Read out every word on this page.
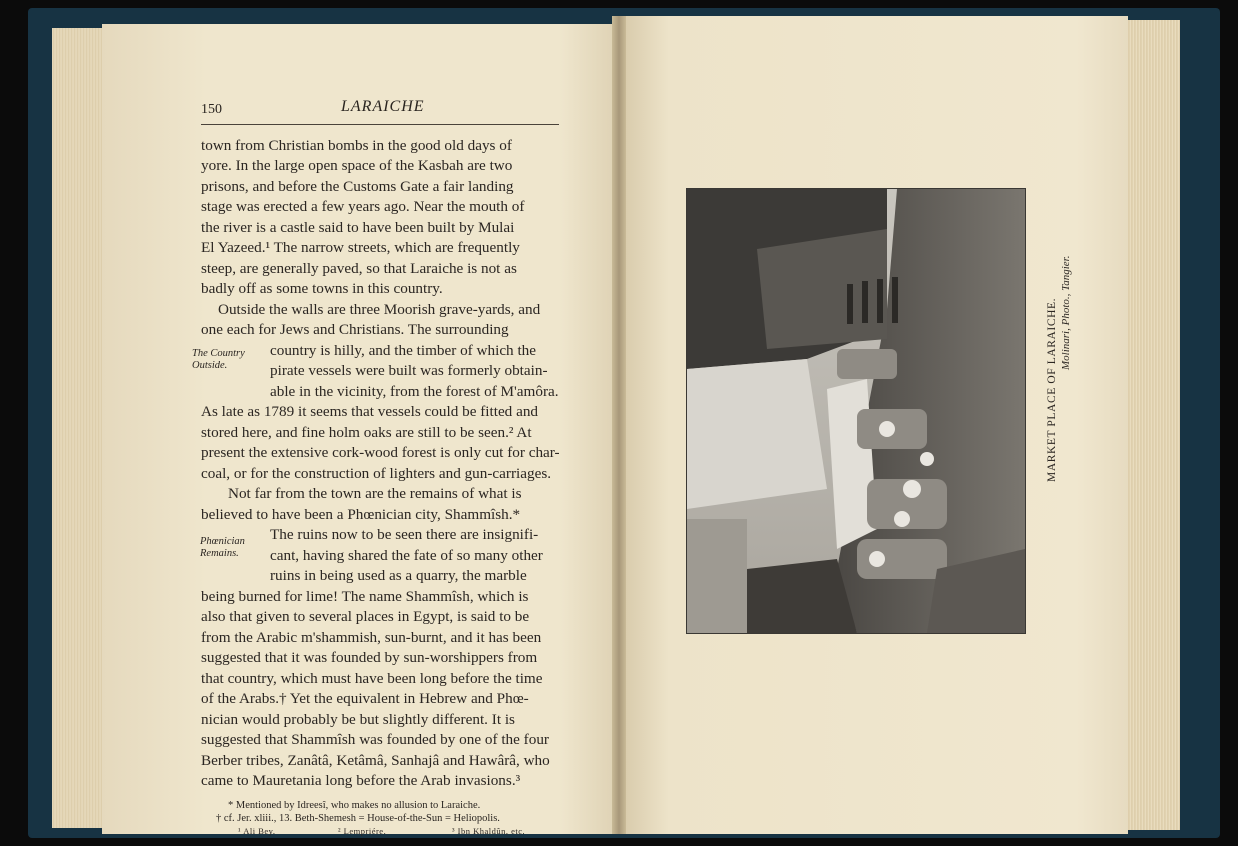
150	LARAICHE
town from Christian bombs in the good old days of
yore. In the large open space of the Kasbah are two
prisons, and before the Customs Gate a fair landing
stage was erected a few years ago. Near the mouth of
the river is a castle said to have been built by Mulai
El Yazeed.¹ The narrow streets, which are frequently
steep, are generally paved, so that Laraiche is not as
badly off as some towns in this country.
Outside the walls are three Moorish grave-yards, and
one each for Jews and Christians. The surrounding
country is hilly, and the timber of which the
pirate vessels were built was formerly obtain-
able in the vicinity, from the forest of M'amôra.
As late as 1789 it seems that vessels could be fitted and
stored here, and fine holm oaks are still to be seen.² At
present the extensive cork-wood forest is only cut for char-
coal, or for the construction of lighters and gun-carriages.
Not far from the town are the remains of what is
believed to have been a Phœnician city, Shammîsh.*
The ruins now to be seen there are insignifi-
cant, having shared the fate of so many other
ruins in being used as a quarry, the marble
being burned for lime! The name Shammîsh, which is
also that given to several places in Egypt, is said to be
from the Arabic m'shammish, sun-burnt, and it has been
suggested that it was founded by sun-worshippers from
that country, which must have been long before the time
of the Arabs.† Yet the equivalent in Hebrew and Phœ-
nician would probably be but slightly different. It is
suggested that Shammîsh was founded by one of the four
Berber tribes, Zanâtâ, Ketâmâ, Sanhajâ and Hawârâ, who
came to Mauretania long before the Arab invasions.³
The Country
Outside.
Phœnician
Remains.
* Mentioned by Idreesî, who makes no allusion to Laraiche.
† cf. Jer. xliii., 13. Beth-Shemesh = House-of-the-Sun = Heliopolis.
¹ Ali Bey.	² Lempriére.	³ Ibn Khaldûn, etc.
MARKET PLACE OF LARAICHE. Molinari, Photo., Tangier.
